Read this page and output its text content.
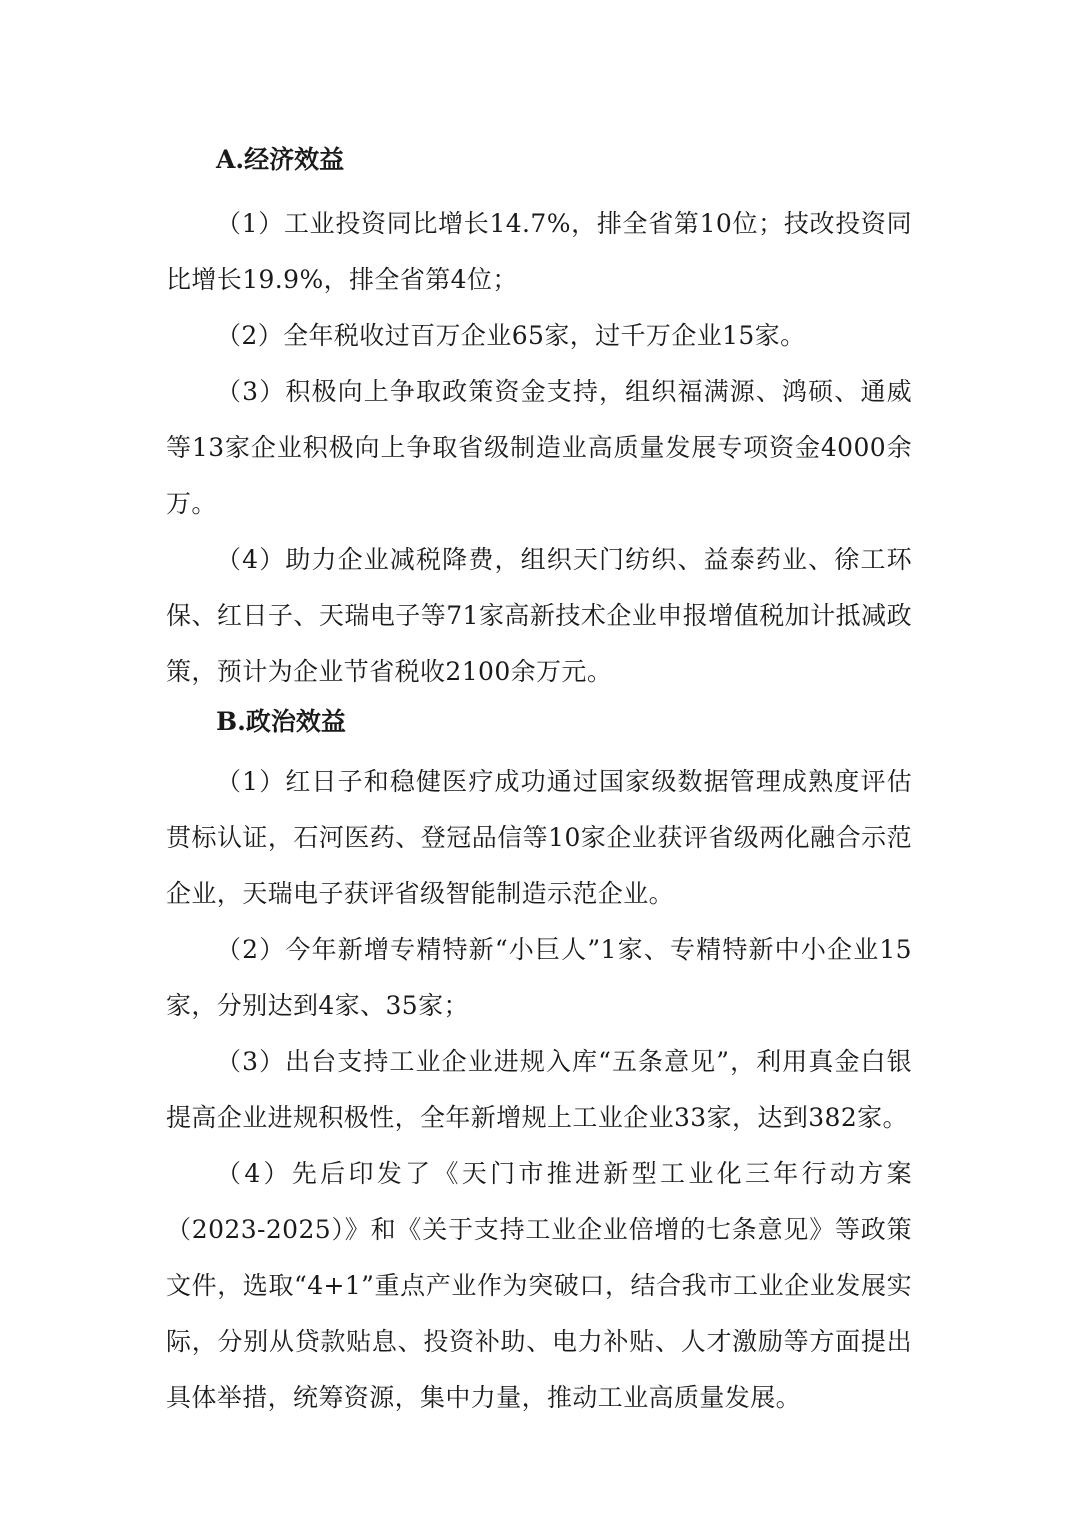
A.经济效益

（1）工业投资同比增长14.7%，排全省第10位；技改投资同比增长19.9%，排全省第4位；

（2）全年税收过百万企业65家，过千万企业15家。

（3）积极向上争取政策资金支持，组织福满源、鸿硕、通威等13家企业积极向上争取省级制造业高质量发展专项资金4000余万。

（4）助力企业减税降费，组织天门纺织、益泰药业、徐工环保、红日子、天瑞电子等71家高新技术企业申报增值税加计抵减政策，预计为企业节省税收2100余万元。

B.政治效益

（1）红日子和稳健医疗成功通过国家级数据管理成熟度评估贯标认证，石河医药、登冠品信等10家企业获评省级两化融合示范企业，天瑞电子获评省级智能制造示范企业。

（2）今年新增专精特新“小巨人”1家、专精特新中小企业15家，分别达到4家、35家；

（3）出台支持工业企业进规入库“五条意见”，利用真金白银提高企业进规积极性，全年新增规上工业企业33家，达到382家。

（4）先后印发了《天门市推进新型工业化三年行动方案（2023-2025）》和《关于支持工业企业倍增的七条意见》等政策文件，选取“4+1”重点产业作为突破口，结合我市工业企业发展实际，分别从贷款贴息、投资补助、电力补贴、人才激励等方面提出具体举措，统筹资源，集中力量，推动工业高质量发展。
